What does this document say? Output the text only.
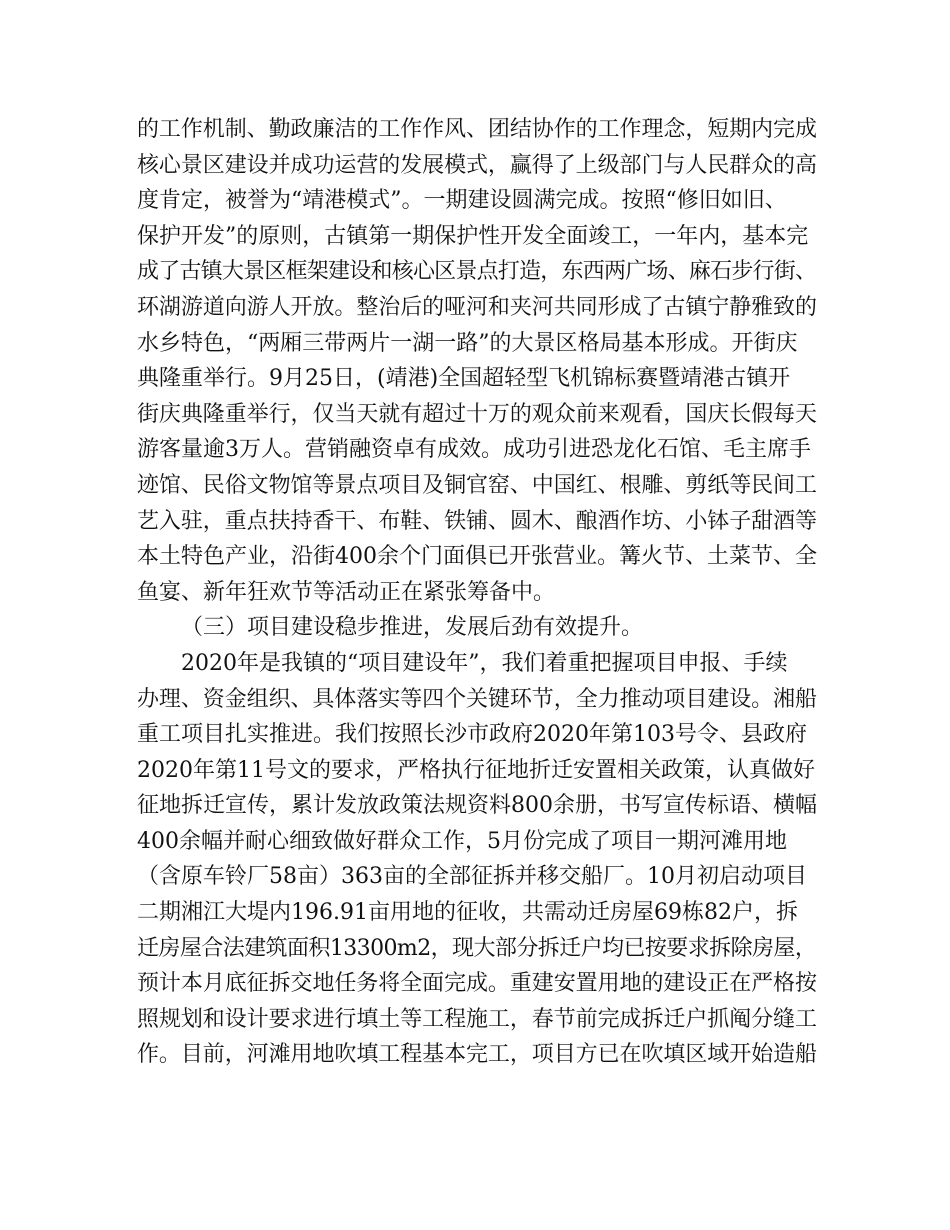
的工作机制、勤政廉洁的工作作风、团结协作的工作理念，短期内完成
核心景区建设并成功运营的发展模式，赢得了上级部门与人民群众的高
度肯定，被誉为“靖港模式”。一期建设圆满完成。按照“修旧如旧、
保护开发”的原则，古镇第一期保护性开发全面竣工，一年内，基本完
成了古镇大景区框架建设和核心区景点打造，东西两广场、麻石步行街、
环湖游道向游人开放。整治后的哑河和夹河共同形成了古镇宁静雅致的
水乡特色，“两厢三带两片一湖一路”的大景区格局基本形成。开街庆
典隆重举行。9月25日，(靖港)全国超轻型飞机锦标赛暨靖港古镇开
街庆典隆重举行，仅当天就有超过十万的观众前来观看，国庆长假每天
游客量逾3万人。营销融资卓有成效。成功引进恐龙化石馆、毛主席手
迹馆、民俗文物馆等景点项目及铜官窑、中国红、根雕、剪纸等民间工
艺入驻，重点扶持香干、布鞋、铁铺、圆木、酿酒作坊、小钵子甜酒等
本土特色产业，沿街400余个门面俱已开张营业。篝火节、土菜节、全
鱼宴、新年狂欢节等活动正在紧张筹备中。
（三）项目建设稳步推进，发展后劲有效提升。
2020年是我镇的“项目建设年”，我们着重把握项目申报、手续
办理、资金组织、具体落实等四个关键环节，全力推动项目建设。湘船
重工项目扎实推进。我们按照长沙市政府2020年第103号令、县政府
2020年第11号文的要求，严格执行征地折迁安置相关政策，认真做好
征地拆迁宣传，累计发放政策法规资料800余册，书写宣传标语、横幅
400余幅并耐心细致做好群众工作，5月份完成了项目一期河滩用地
（含原车铃厂58亩）363亩的全部征拆并移交船厂。10月初启动项目
二期湘江大堤内196.91亩用地的征收，共需动迁房屋69栋82户，拆
迁房屋合法建筑面积13300m2，现大部分拆迁户均已按要求拆除房屋，
预计本月底征拆交地任务将全面完成。重建安置用地的建设正在严格按
照规划和设计要求进行填土等工程施工，春节前完成拆迁户抓阄分缝工
作。目前，河滩用地吹填工程基本完工，项目方已在吹填区域开始造船
